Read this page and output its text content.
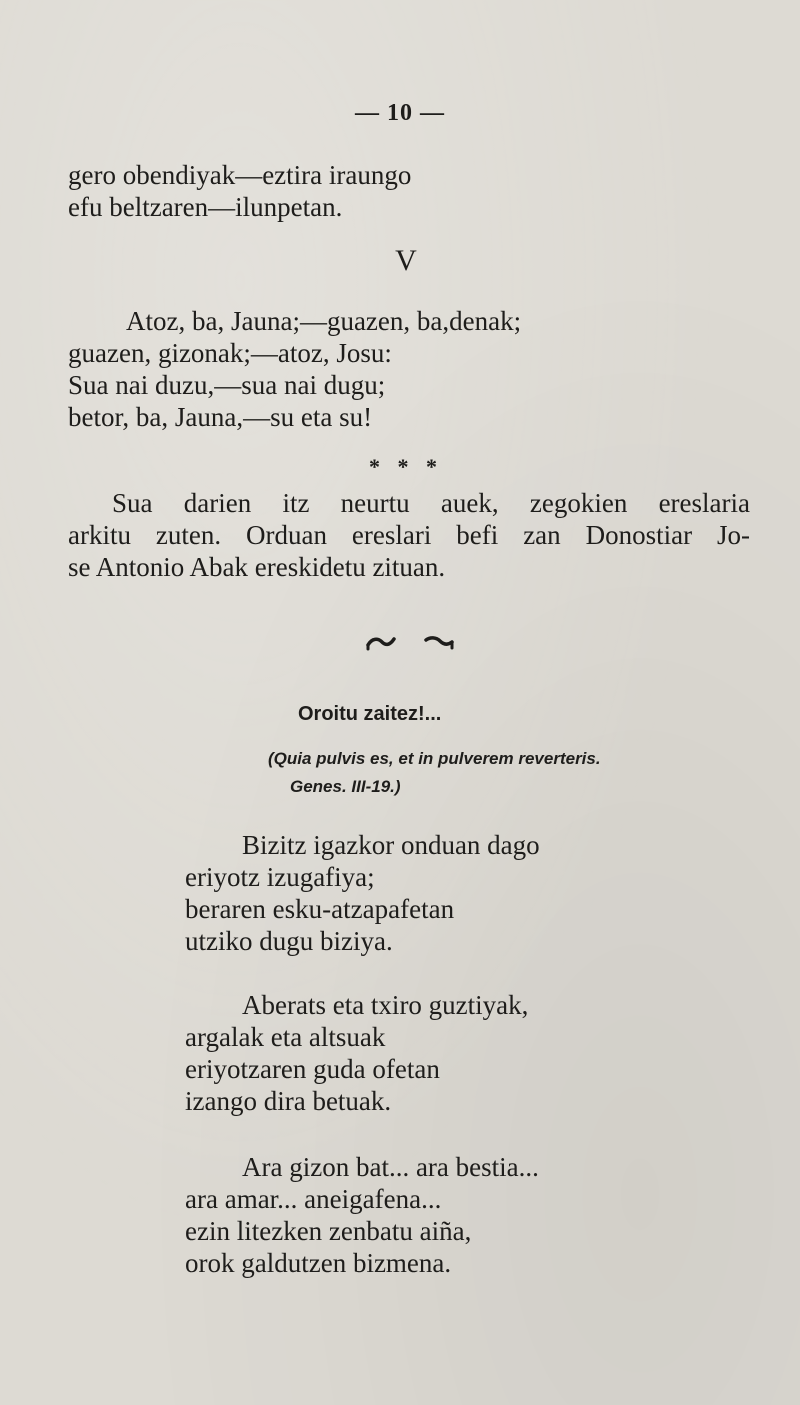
— 10 —
gero obendiyak—eztira iraungo
efu beltzaren—ilunpetan.
V
Atoz, ba, Jauna;—guazen, ba,denak;
guazen, gizonak;—atoz, Josu:
Sua nai duzu,—sua nai dugu;
betor, ba, Jauna,—su eta su!
* * *
Sua darien itz neurtu auek, zegokien ereslaria
arkitu zuten. Orduan ereslari befi zan Donostiar Jo-
se Antonio Abak ereskidetu zituan.
Oroitu zaitez!...
(Quia pulvis es, et in pulverem reverteris.
Genes. III-19.)
Bizitz igazkor onduan dago
eriyotz izugafiya;
beraren esku-atzapafetan
utziko dugu biziya.
Aberats eta txiro guztiyak,
argalak eta altsuak
eriyotzaren guda ofetan
izango dira betuak.
Ara gizon bat... ara bestia...
ara amar... aneigafena...
ezin litezken zenbatu aiña,
orok galdutzen bizmena.
